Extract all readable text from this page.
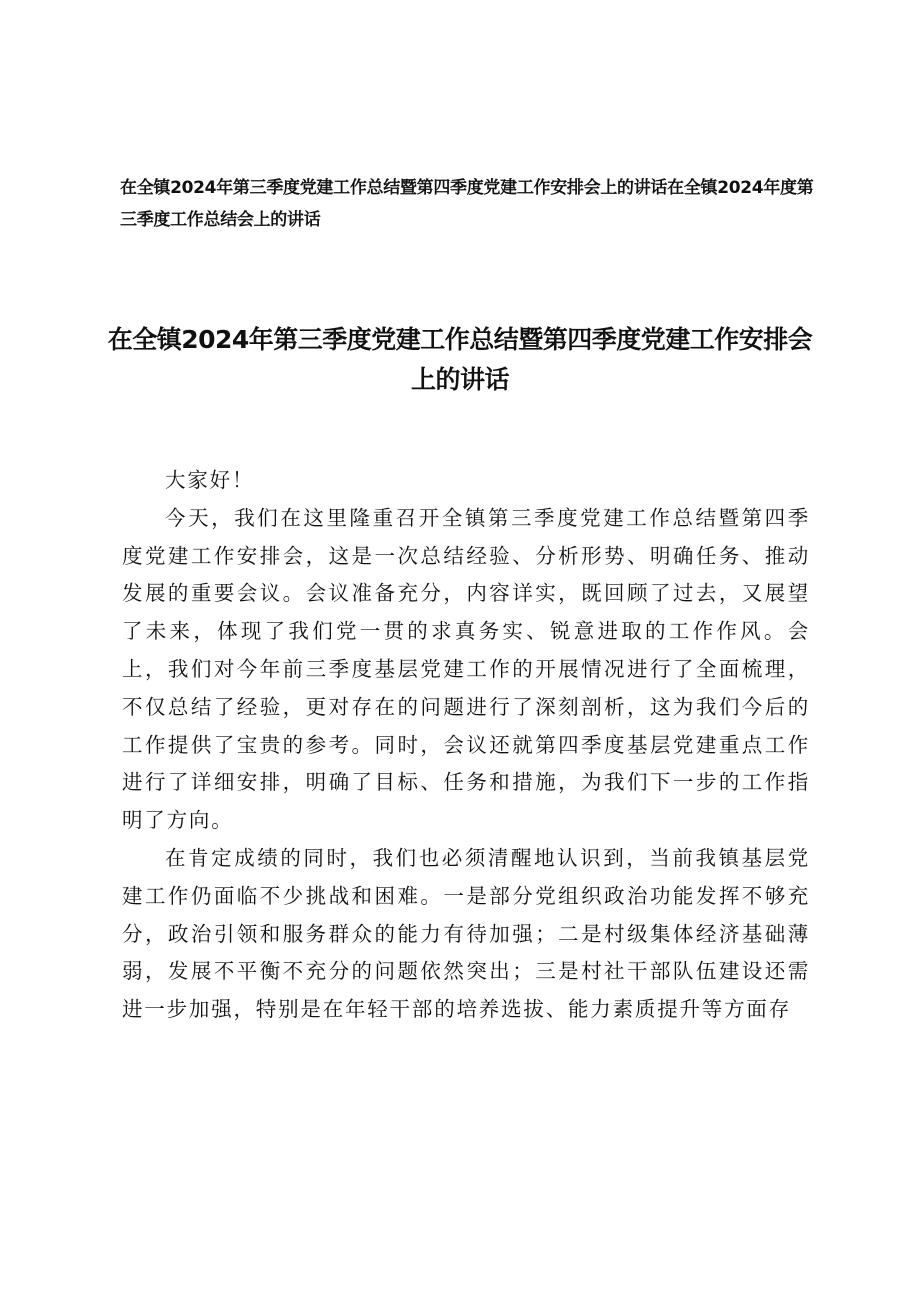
在全镇2024年第三季度党建工作总结暨第四季度党建工作安排会上的讲话在全镇2024年度第三季度工作总结会上的讲话
在全镇2024年第三季度党建工作总结暨第四季度党建工作安排会上的讲话

大家好！

今天，我们在这里隆重召开全镇第三季度党建工作总结暨第四季度党建工作安排会，这是一次总结经验、分析形势、明确任务、推动发展的重要会议。会议准备充分，内容详实，既回顾了过去，又展望了未来，体现了我们党一贯的求真务实、锐意进取的工作作风。会上，我们对今年前三季度基层党建工作的开展情况进行了全面梳理，不仅总结了经验，更对存在的问题进行了深刻剖析，这为我们今后的工作提供了宝贵的参考。同时，会议还就第四季度基层党建重点工作进行了详细安排，明确了目标、任务和措施，为我们下一步的工作指明了方向。

在肯定成绩的同时，我们也必须清醒地认识到，当前我镇基层党建工作仍面临不少挑战和困难。一是部分党组织政治功能发挥不够充分，政治引领和服务群众的能力有待加强；二是村级集体经济基础薄弱，发展不平衡不充分的问题依然突出；三是村社干部队伍建设还需进一步加强，特别是在年轻干部的培养选拔、能力素质提升等方面存
